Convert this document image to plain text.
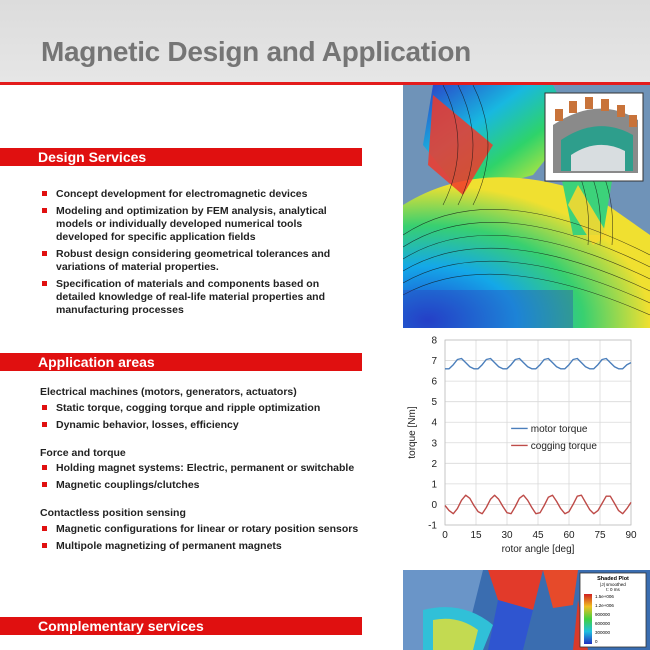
Magnetic Design and Application
Design Services
Concept development for electromagnetic devices
Modeling and optimization by FEM analysis, analytical models or individually developed numerical tools developed for specific application fields
Robust design considering geometrical tolerances and variations of material properties.
Specification of materials and components based on detailed knowledge of real-life material properties and manufacturing processes
Application areas
Electrical machines (motors, generators, actuators)
Static torque, cogging torque and ripple optimization
Dynamic behavior, losses, efficiency
Force and torque
Holding magnet systems: Electric, permanent or switchable
Magnetic couplings/clutches
Contactless position sensing
Magnetic configurations for linear or rotary position sensors
Multipole magnetizing of permanent magnets
Complementary services
0 15 30 45 60 75 90
-1
0
1
2
3
4
5
6
7
8
rotor angle [deg]
torque [Nm]	motor torque
cogging torque
Shaded Plot
|J| smoothed
t: 0 ms
1.5e+006
1.2e+006
900000
600000
300000
0
